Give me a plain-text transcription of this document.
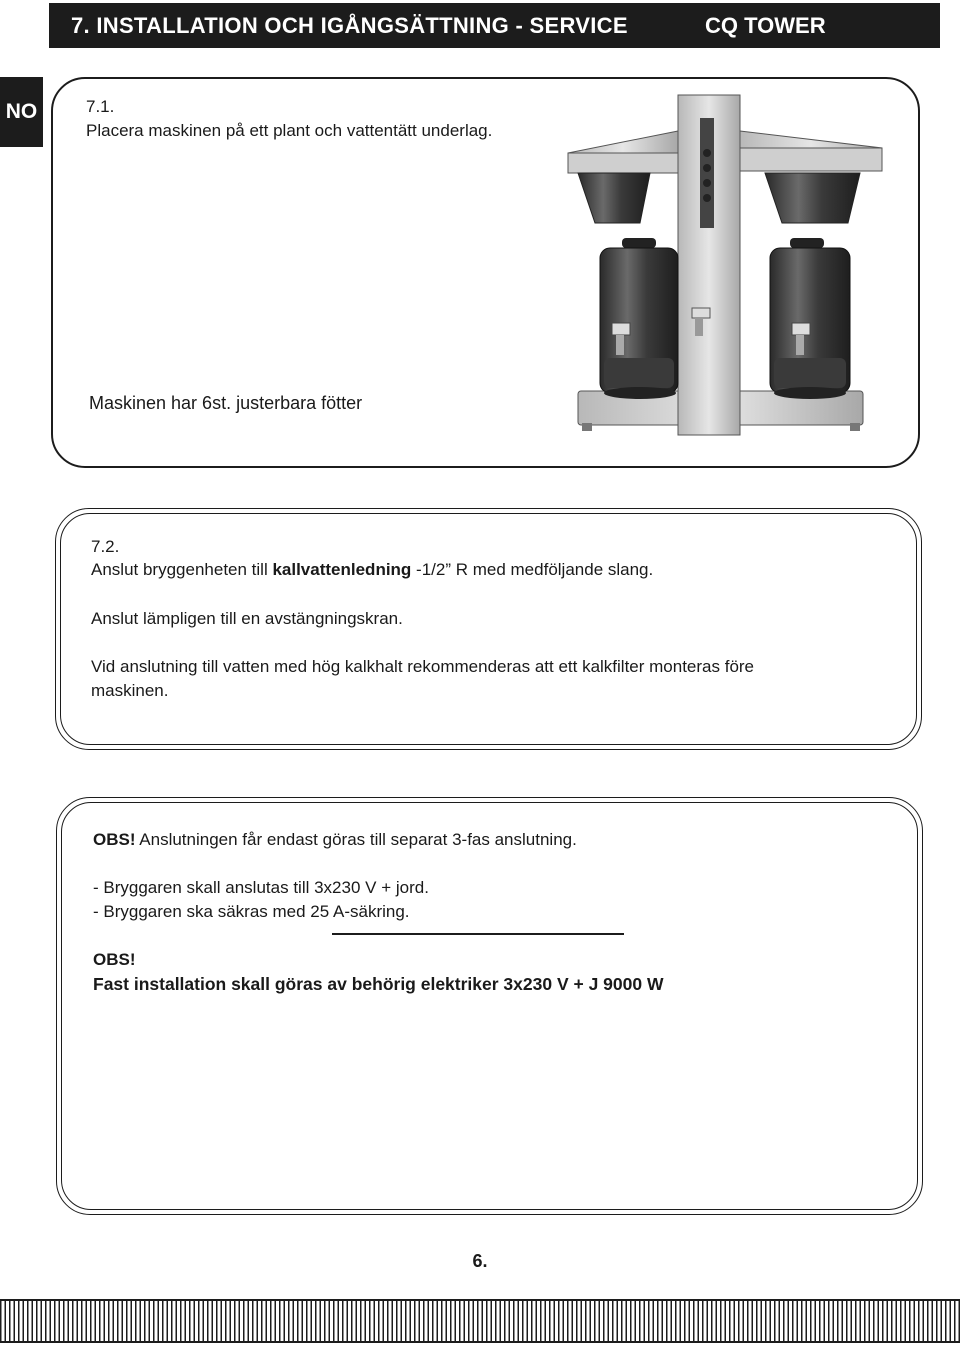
7. INSTALLATION OCH IGÅNGSÄTTNING - SERVICE	CQ TOWER
NO	7.1.
Placera maskinen på ett plant och vattentätt underlag.
Maskinen har 6st. justerbara fötter
7.2.
Anslut bryggenheten till kallvattenledning -1/2” R med medföljande slang.
Anslut lämpligen till en avstängningskran.
Vid anslutning till vatten med hög kalkhalt rekommenderas att ett kalkfilter monteras före
maskinen.
OBS! Anslutningen får endast göras till separat 3-fas anslutning.
- Bryggaren skall anslutas till 3x230 V + jord.
- Bryggaren ska säkras med 25 A-säkring.
OBS!
Fast installation skall göras av behörig elektriker 3x230 V + J 9000 W
6.
